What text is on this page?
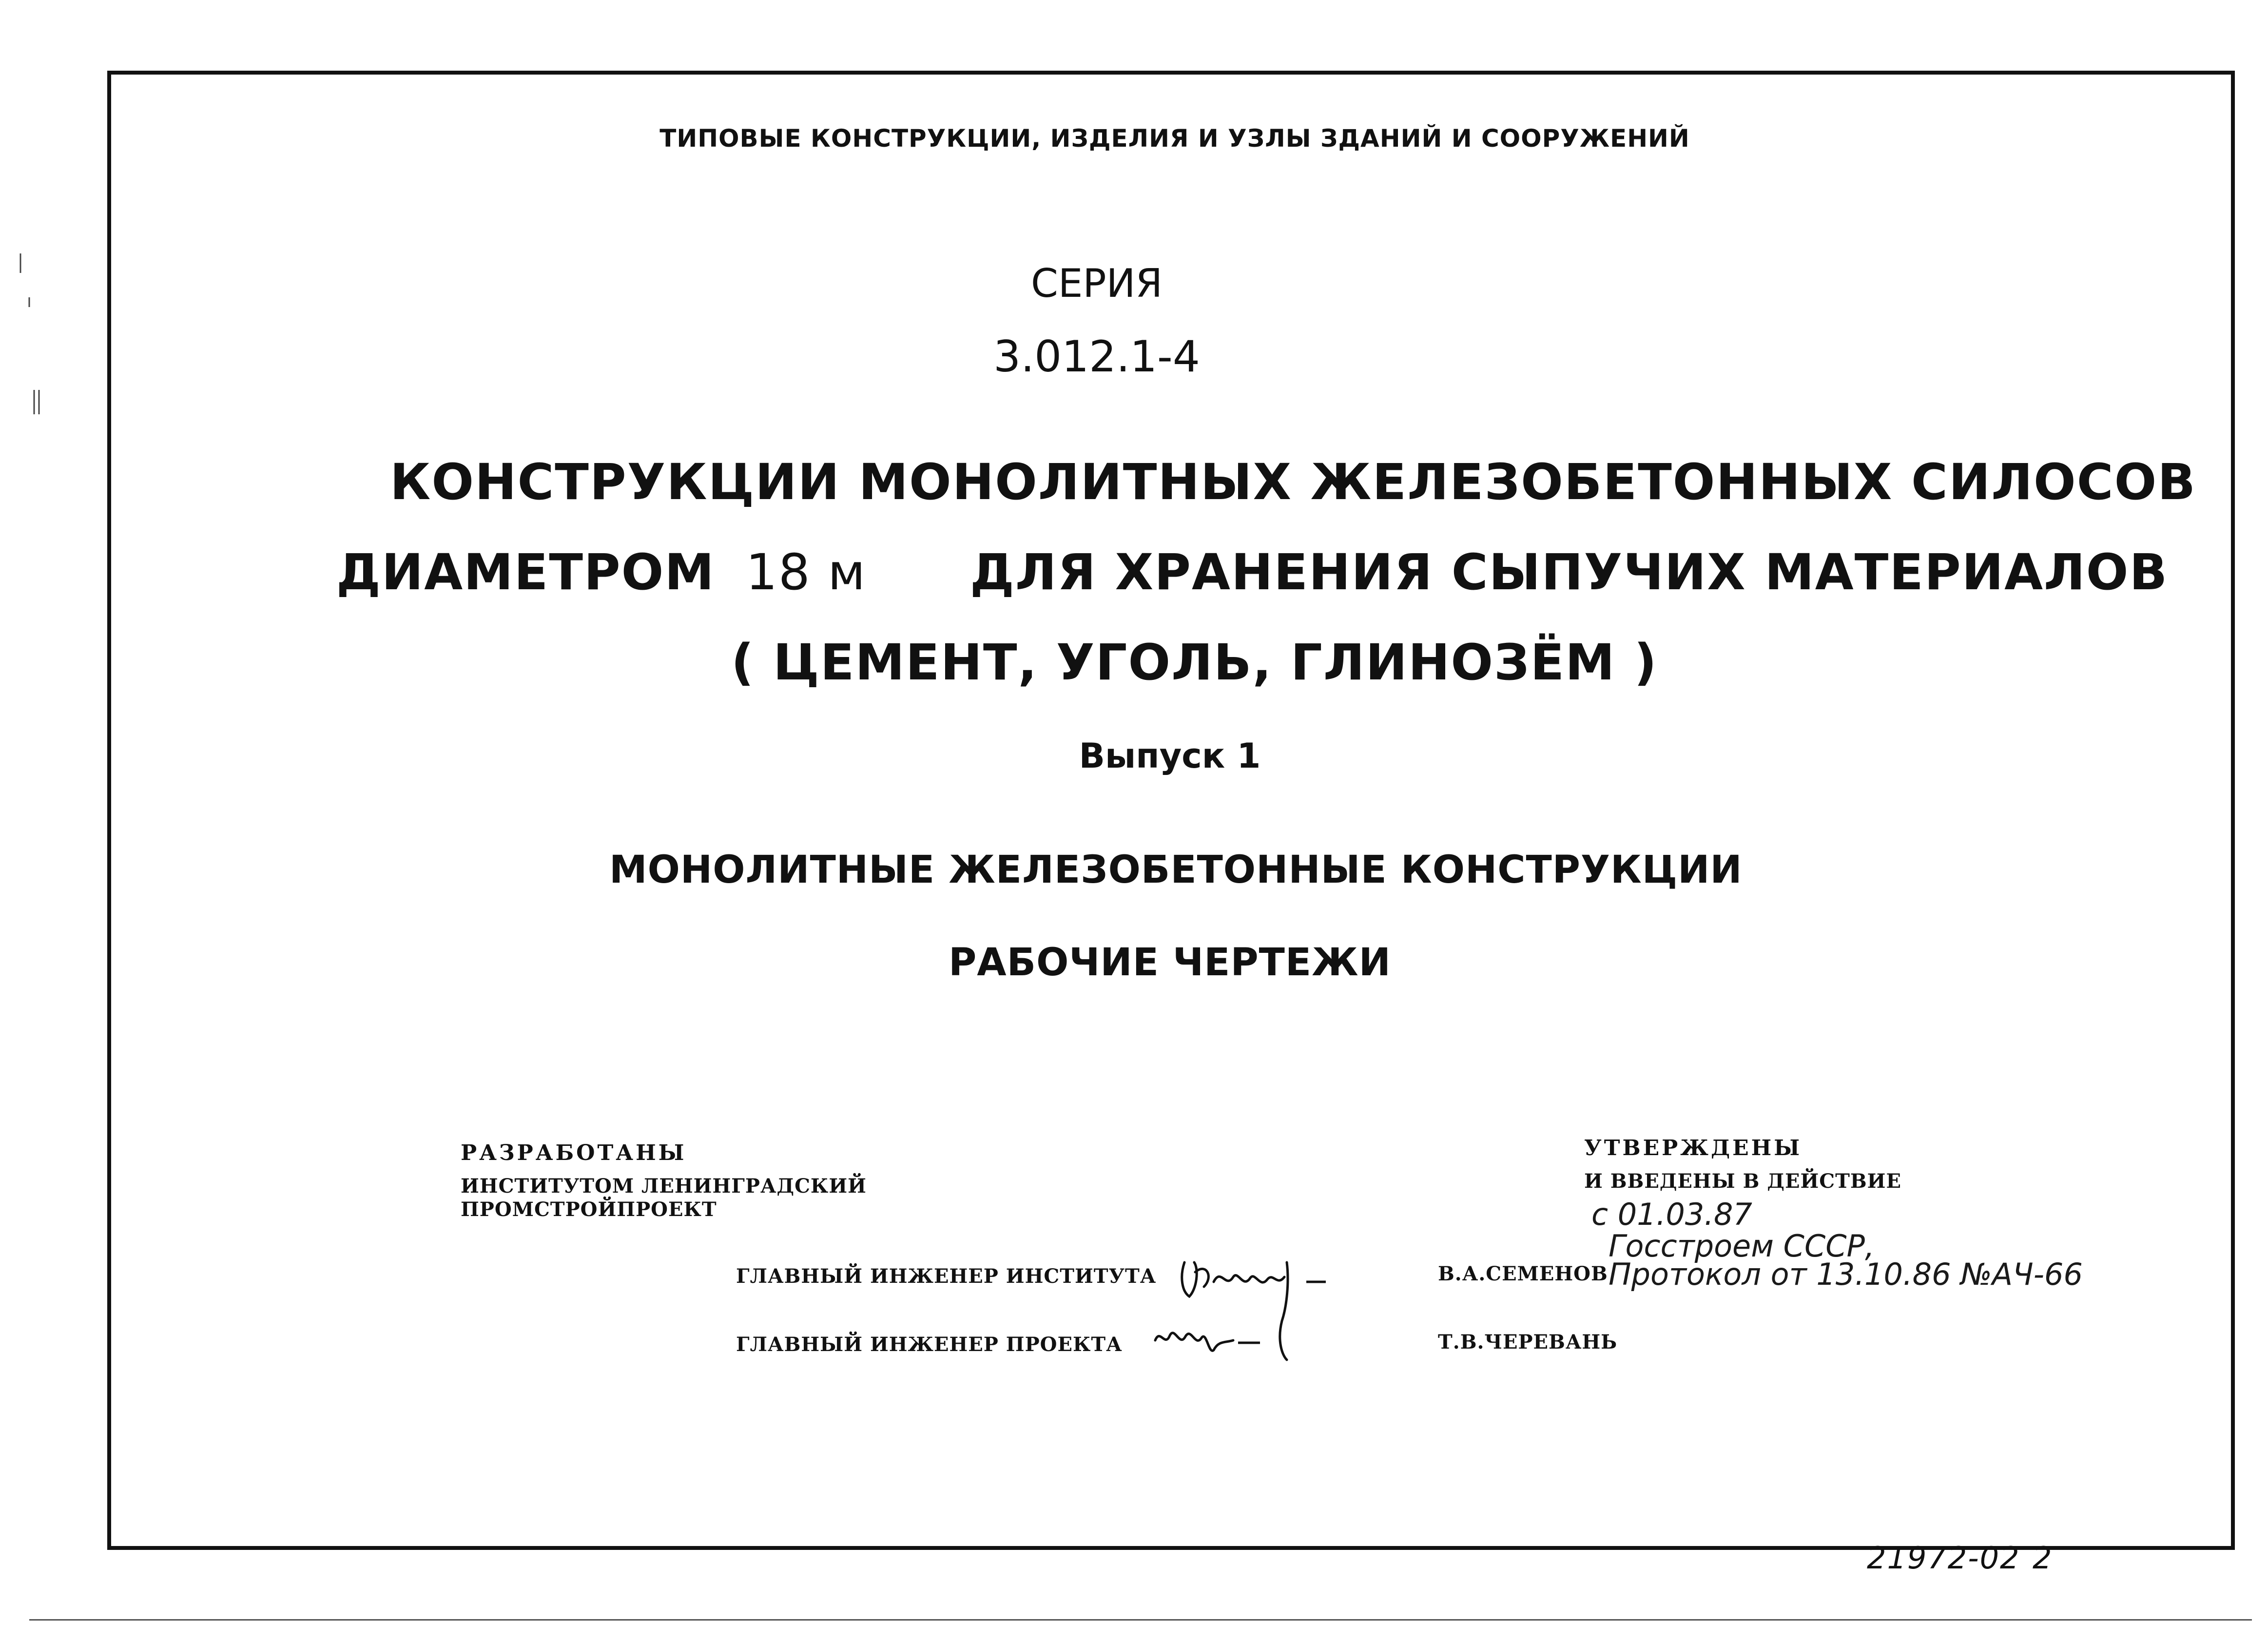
ТИПОВЫЕ КОНСТРУКЦИИ, ИЗДЕЛИЯ И УЗЛЫ ЗДАНИЙ И СООРУЖЕНИЙ
СЕРИЯ
3.012.1-4
КОНСТРУКЦИИ МОНОЛИТНЫХ ЖЕЛЕЗОБЕТОННЫХ СИЛОСОВ
ДИАМЕТРОМ 18 м ДЛЯ ХРАНЕНИЯ СЫПУЧИХ МАТЕРИАЛОВ
( ЦЕМЕНТ, УГОЛЬ, ГЛИНОЗЁМ )
Выпуск 1
МОНОЛИТНЫЕ ЖЕЛЕЗОБЕТОННЫЕ КОНСТРУКЦИИ
РАБОЧИЕ ЧЕРТЕЖИ
РАЗРАБОТАНЫ
ИНСТИТУТОМ ЛЕНИНГРАДСКИЙ
ПРОМСТРОЙПРОЕКТ
УТВЕРЖДЕНЫ
И ВВЕДЕНЫ В ДЕЙСТВИЕ
с 01.03.87
Госстроем СССР,
Протокол от 13.10.86 №АЧ-66
ГЛАВНЫЙ ИНЖЕНЕР ИНСТИТУТА
ГЛАВНЫЙ ИНЖЕНЕР ПРОЕКТА
В.А.СЕМЕНОВ
Т.В.ЧЕРЕВАНЬ
21972-02 2
